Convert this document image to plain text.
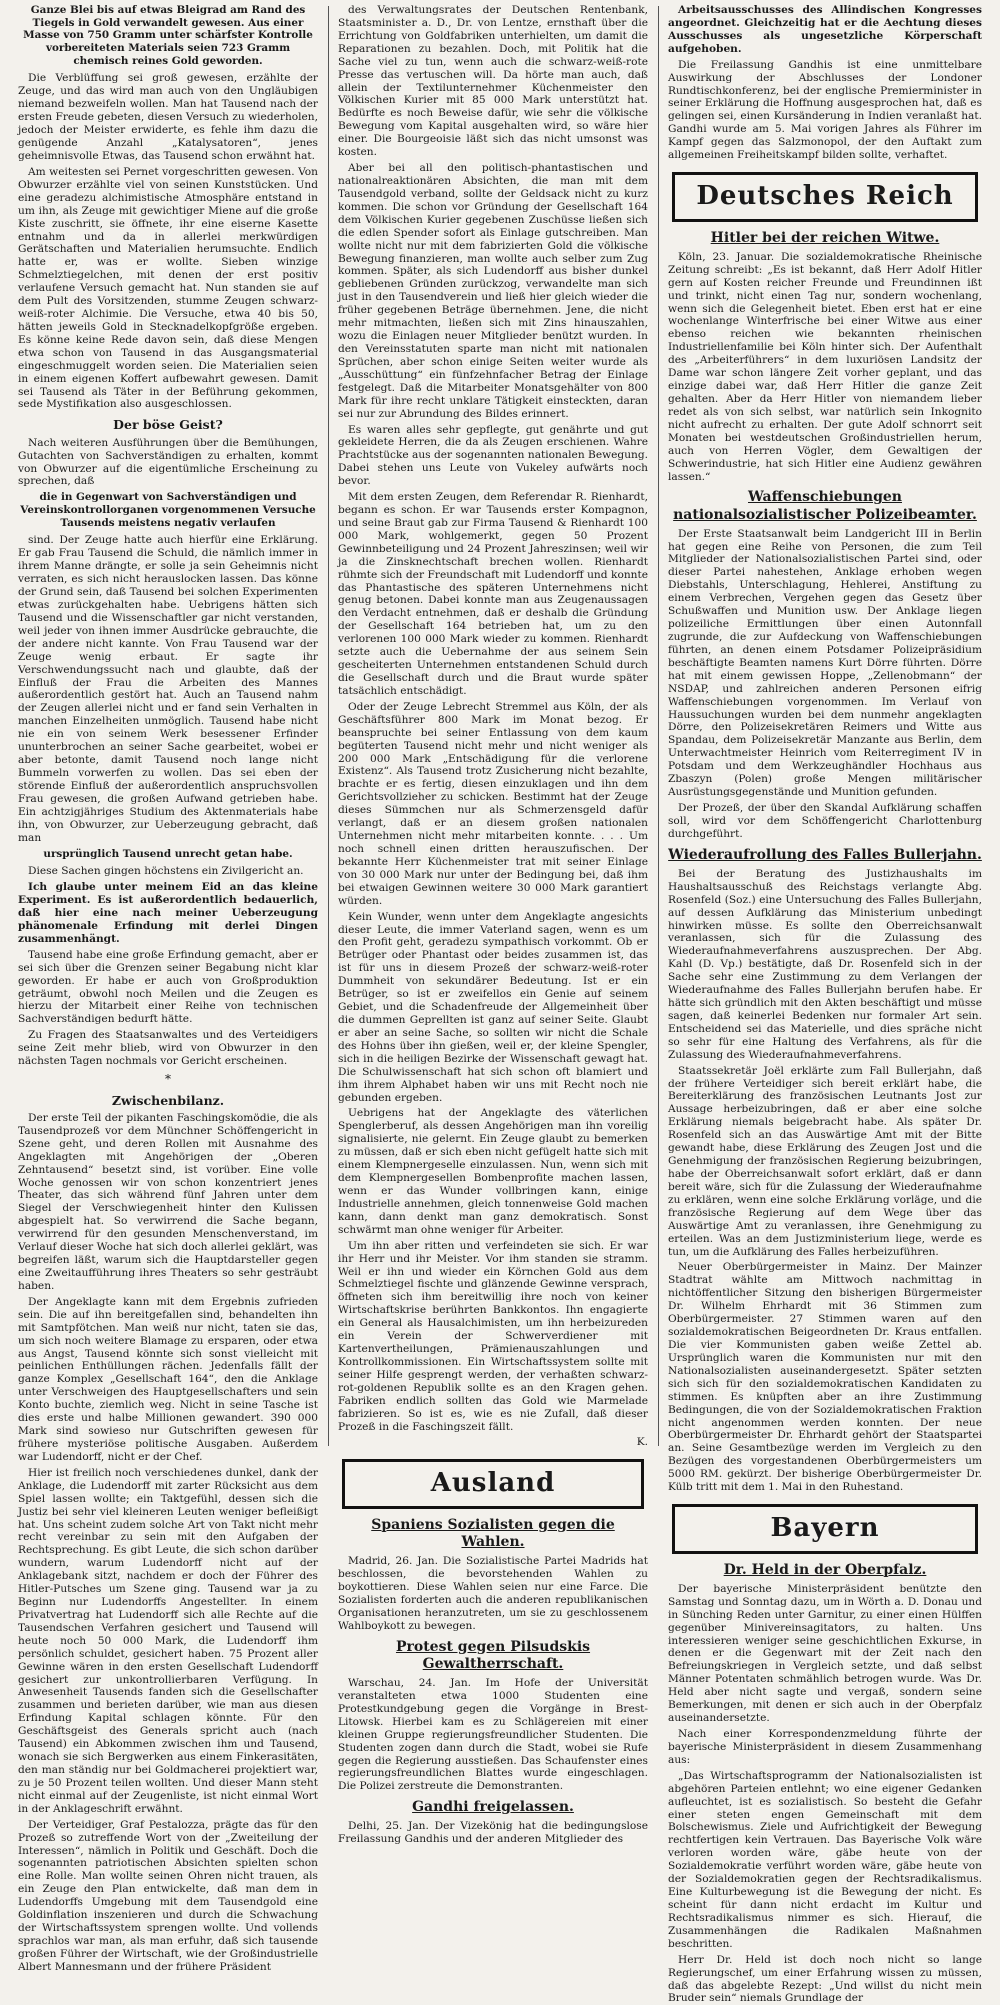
Ganze Blei bis auf etwas Bleigrad am Rand des Tiegels in Gold verwandelt gewesen. Aus einer Masse von 750 Gramm unter schärfster Kontrolle vorbereiteten Materials seien 723 Gramm chemisch reines Gold geworden.

Die Verblüffung sei groß gewesen, erzählte der Zeuge, und das wird man auch von den Ungläubigen niemand bezweifeln wollen. Man hat Tausend nach der ersten Freude gebeten, diesen Versuch zu wiederholen, jedoch der Meister erwiderte, es fehle ihm dazu die genügende Anzahl „Katalysatoren“, jenes geheimnisvolle Etwas, das Tausend schon erwähnt hat.

Am weitesten sei Pernet vorgeschritten gewesen. Von Obwurzer erzählte viel von seinen Kunststücken. Und eine geradezu alchimistische Atmosphäre entstand in um ihn, als Zeuge mit gewichtiger Miene auf die große Kiste zuschritt, sie öffnete, ihr eine eiserne Kasette entnahm und da in allerlei merkwürdigen Gerätschaften und Materialien herumsuchte. Endlich hatte er, was er wollte. Sieben winzige Schmelztiegelchen, mit denen der erst positiv verlaufene Versuch gemacht hat. Nun standen sie auf dem Pult des Vorsitzenden, stumme Zeugen schwarz-weiß-roter Alchimie. Die Versuche, etwa 40 bis 50, hätten jeweils Gold in Stecknadelkopfgröße ergeben. Es könne keine Rede davon sein, daß diese Mengen etwa schon von Tausend in das Ausgangsmaterial eingeschmuggelt worden seien. Die Materialien seien in einem eigenen Koffert aufbewahrt gewesen. Damit sei Tausend als Täter in der Beführung gekommen, sede Mystifikation also ausgeschlossen.

Der böse Geist?

Nach weiteren Ausführungen über die Bemühungen, Gutachten von Sachverständigen zu erhalten, kommt von Obwurzer auf die eigentümliche Erscheinung zu sprechen, daß

die in Gegenwart von Sachverständigen und Vereinskontrollorganen vorgenommenen Versuche Tausends meistens negativ verlaufen

sind. Der Zeuge hatte auch hierfür eine Erklärung. Er gab Frau Tausend die Schuld, die nämlich immer in ihrem Manne drängte, er solle ja sein Geheimnis nicht verraten, es sich nicht herauslocken lassen. Das könne der Grund sein, daß Tausend bei solchen Experimenten etwas zurückgehalten habe. Uebrigens hätten sich Tausend und die Wissenschaftler gar nicht verstanden, weil jeder von ihnen immer Ausdrücke gebrauchte, die der andere nicht kannte. Von Frau Tausend war der Zeuge wenig erbaut. Er sagte ihr Verschwendungssucht nach und glaubte, daß der Einfluß der Frau die Arbeiten des Mannes außerordentlich gestört hat. Auch an Tausend nahm der Zeugen allerlei nicht und er fand sein Verhalten in manchen Einzelheiten unmöglich. Tausend habe nicht nie ein von seinem Werk besessener Erfinder ununterbrochen an seiner Sache gearbeitet, wobei er aber betonte, damit Tausend noch lange nicht Bummeln vorwerfen zu wollen. Das sei eben der störende Einfluß der außerordentlich anspruchsvollen Frau gewesen, die großen Aufwand getrieben habe. Ein achtzigjähriges Studium des Aktenmaterials habe ihn, von Obwurzer, zur Ueberzeugung gebracht, daß man

ursprünglich Tausend unrecht getan habe.

Diese Sachen gingen höchstens ein Zivilgericht an.

Ich glaube unter meinem Eid an das kleine Experiment. Es ist außerordentlich bedauerlich, daß hier eine nach meiner Ueberzeugung phänomenale Erfindung mit derlei Dingen zusammenhängt.

Tausend habe eine große Erfindung gemacht, aber er sei sich über die Grenzen seiner Begabung nicht klar geworden. Er habe er auch von Großproduktion geträumt, obwohl noch Meilen und die Zeugen es hierzu der Mitarbeit einer Reihe von technischen Sachverständigen bedurft hätte.

Zu Fragen des Staatsanwaltes und des Verteidigers seine Zeit mehr blieb, wird von Obwurzer in den nächsten Tagen nochmals vor Gericht erscheinen.

*
Zwischenbilanz.

Der erste Teil der pikanten Faschingskomödie, die als Tausendprozeß vor dem Münchner Schöffengericht in Szene geht, und deren Rollen mit Ausnahme des Angeklagten mit Angehörigen der „Oberen Zehntausend“ besetzt sind, ist vorüber. Eine volle Woche genossen wir von schon konzentriert jenes Theater, das sich während fünf Jahren unter dem Siegel der Verschwiegenheit hinter den Kulissen abgespielt hat. So verwirrend die Sache begann, verwirrend für den gesunden Menschenverstand, im Verlauf dieser Woche hat sich doch allerlei geklärt, was begreifen läßt, warum sich die Hauptdarsteller gegen eine Zweitaufführung ihres Theaters so sehr gesträubt haben.

Der Angeklagte kann mit dem Ergebnis zufrieden sein. Die auf ihn bereitgefallen sind, behandelten ihn mit Samtpfötchen. Man weiß nur nicht, taten sie das, um sich noch weitere Blamage zu ersparen, oder etwa aus Angst, Tausend könnte sich sonst vielleicht mit peinlichen Enthüllungen rächen. Jedenfalls fällt der ganze Komplex „Gesellschaft 164“, den die Anklage unter Verschweigen des Hauptgesellschafters und sein Konto buchte, ziemlich weg. Nicht in seine Tasche ist dies erste und halbe Millionen gewandert. 390 000 Mark sind sowieso nur Gutschriften gewesen für frühere mysteriöse politische Ausgaben. Außerdem war Ludendorff, nicht er der Chef.

Hier ist freilich noch verschiedenes dunkel, dank der Anklage, die Ludendorff mit zarter Rücksicht aus dem Spiel lassen wollte; ein Taktgefühl, dessen sich die Justiz bei sehr viel kleineren Leuten weniger befleißigt hat. Uns scheint zudem solche Art von Takt nicht mehr recht vereinbar zu sein mit den Aufgaben der Rechtsprechung. Es gibt Leute, die sich schon darüber wundern, warum Ludendorff nicht auf der Anklagebank sitzt, nachdem er doch der Führer des Hitler-Putsches um Szene ging. Tausend war ja zu Beginn nur Ludendorffs Angestellter. In einem Privatvertrag hat Ludendorff sich alle Rechte auf die Tausendschen Verfahren gesichert und Tausend will heute noch 50 000 Mark, die Ludendorff ihm persönlich schuldet, gesichert haben. 75 Prozent aller Gewinne wären in den ersten Gesellschaft Ludendorff gesichert zur unkontrollierbaren Verfügung. In Anwesenheit Tausends fanden sich die Gesellschafter zusammen und berieten darüber, wie man aus diesen Erfindung Kapital schlagen könnte. Für den Geschäftsgeist des Generals spricht auch (nach Tausend) ein Abkommen zwischen ihm und Tausend, wonach sie sich Bergwerken aus einem Finkerasitäten, den man ständig nur bei Goldmacherei projektiert war, zu je 50 Prozent teilen wollten. Und dieser Mann steht nicht einmal auf der Zeugenliste, ist nicht einmal Wort in der Anklageschrift erwähnt.

Der Verteidiger, Graf Pestalozza, prägte das für den Prozeß so zutreffende Wort von der „Zweiteilung der Interessen“, nämlich in Politik und Geschäft. Doch die sogenannten patriotischen Absichten spielten schon eine Rolle. Man wollte seinen Ohren nicht trauen, als ein Zeuge den Plan entwickelte, daß man dem in Ludendorffs Umgebung mit dem Tausendgold eine Goldinflation inszenieren und durch die Schwachung der Wirtschaftssystem sprengen wollte. Und vollends sprachlos war man, als man erfuhr, daß sich tausende großen Führer der Wirtschaft, wie der Großindustrielle Albert Mannesmann und der frühere Präsident

des Verwaltungsrates der Deutschen Rentenbank, Staatsminister a. D., Dr. von Lentze, ernsthaft über die Errichtung von Goldfabriken unterhielten, um damit die Reparationen zu bezahlen. Doch, mit Politik hat die Sache viel zu tun, wenn auch die schwarz-weiß-rote Presse das vertuschen will. Da hörte man auch, daß allein der Textilunternehmer Küchenmeister den Völkischen Kurier mit 85 000 Mark unterstützt hat. Bedürfte es noch Beweise dafür, wie sehr die völkische Bewegung vom Kapital ausgehalten wird, so wäre hier einer. Die Bourgeoisie läßt sich das nicht umsonst was kosten.

Aber bei all den politisch-phantastischen und nationalreaktionären Absichten, die man mit dem Tausendgold verband, sollte der Geldsack nicht zu kurz kommen. Die schon vor Gründung der Gesellschaft 164 dem Völkischen Kurier gegebenen Zuschüsse ließen sich die edlen Spender sofort als Einlage gutschreiben. Man wollte nicht nur mit dem fabrizierten Gold die völkische Bewegung finanzieren, man wollte auch selber zum Zug kommen. Später, als sich Ludendorff aus bisher dunkel gebliebenen Gründen zurückzog, verwandelte man sich just in den Tausendverein und ließ hier gleich wieder die früher gegebenen Beträge übernehmen. Jene, die nicht mehr mitmachten, ließen sich mit Zins hinauszahlen, wozu die Einlagen neuer Mitglieder benützt wurden. In den Vereinsstatuten sparte man nicht mit nationalen Sprüchen, aber schon einige Seiten weiter wurde als „Ausschüttung“ ein fünfzehnfacher Betrag der Einlage festgelegt. Daß die Mitarbeiter Monatsgehälter von 800 Mark für ihre recht unklare Tätigkeit einsteckten, daran sei nur zur Abrundung des Bildes erinnert.

Es waren alles sehr gepflegte, gut genährte und gut gekleidete Herren, die da als Zeugen erschienen. Wahre Prachtstücke aus der sogenannten nationalen Bewegung. Dabei stehen uns Leute von Vukeley aufwärts noch bevor.

Mit dem ersten Zeugen, dem Referendar R. Rienhardt, begann es schon. Er war Tausends erster Kompagnon, und seine Braut gab zur Firma Tausend & Rienhardt 100 000 Mark, wohlgemerkt, gegen 50 Prozent Gewinnbeteiligung und 24 Prozent Jahreszinsen; weil wir ja die Zinsknechtschaft brechen wollen. Rienhardt rühmte sich der Freundschaft mit Ludendorff und konnte das Phantastische des späteren Unternehmens nicht genug betonen. Dabei konnte man aus Zeugenaussagen den Verdacht entnehmen, daß er deshalb die Gründung der Gesellschaft 164 betrieben hat, um zu den verlorenen 100 000 Mark wieder zu kommen. Rienhardt setzte auch die Uebernahme der aus seinem Sein gescheiterten Unternehmen entstandenen Schuld durch die Gesellschaft durch und die Braut wurde später tatsächlich entschädigt.

Oder der Zeuge Lebrecht Stremmel aus Köln, der als Geschäftsführer 800 Mark im Monat bezog. Er beanspruchte bei seiner Entlassung von dem kaum begüterten Tausend nicht mehr und nicht weniger als 200 000 Mark „Entschädigung für die verlorene Existenz“. Als Tausend trotz Zusicherung nicht bezahlte, brachte er es fertig, diesen einzuklagen und ihn dem Gerichtsvollzieher zu schicken. Bestimmt hat der Zeuge dieses Sümmchen nur als Schmerzensgeld dafür verlangt, daß er an diesem großen nationalen Unternehmen nicht mehr mitarbeiten konnte. . . . Um noch schnell einen dritten herauszufischen. Der bekannte Herr Küchenmeister trat mit seiner Einlage von 30 000 Mark nur unter der Bedingung bei, daß ihm bei etwaigen Gewinnen weitere 30 000 Mark garantiert würden.

Kein Wunder, wenn unter dem Angeklagte angesichts dieser Leute, die immer Vaterland sagen, wenn es um den Profit geht, geradezu sympathisch vorkommt. Ob er Betrüger oder Phantast oder beides zusammen ist, das ist für uns in diesem Prozeß der schwarz-weiß-roter Dummheit von sekundärer Bedeutung. Ist er ein Betrüger, so ist er zweifellos ein Genie auf seinem Gebiet, und die Schadenfreude der Allgemeinheit über die dummen Geprellten ist ganz auf seiner Seite. Glaubt er aber an seine Sache, so sollten wir nicht die Schale des Hohns über ihn gießen, weil er, der kleine Spengler, sich in die heiligen Bezirke der Wissenschaft gewagt hat. Die Schulwissenschaft hat sich schon oft blamiert und ihm ihrem Alphabet haben wir uns mit Recht noch nie gebunden ergeben.

Uebrigens hat der Angeklagte des väterlichen Spenglerberuf, als dessen Angehörigen man ihn voreilig signalisierte, nie gelernt. Ein Zeuge glaubt zu bemerken zu müssen, daß er sich eben nicht gefügelt hatte sich mit einem Klempnergeselle einzulassen. Nun, wenn sich mit dem Klempnergesellen Bombenprofite machen lassen, wenn er das Wunder vollbringen kann, einige Industrielle annehmen, gleich tonnenweise Gold machen kann, dann denkt man ganz demokratisch. Sonst schwärmt man ohne weniger für Arbeiter.

Um ihn aber ritten und verfeindeten sie sich. Er war ihr Herr und ihr Meister. Vor ihm standen sie stramm. Weil er ihn und wieder ein Körnchen Gold aus dem Schmelztiegel fischte und glänzende Gewinne versprach, öffneten sich ihm bereitwillig ihre noch von keiner Wirtschaftskrise berührten Bankkontos. Ihn engagierte ein General als Hausalchimisten, um ihn herbeizureden ein Verein der Schwerverdiener mit Kartenvertheilungen, Prämienauszahlungen und Kontrollkommissionen. Ein Wirtschaftssystem sollte mit seiner Hilfe gesprengt werden, der verhaßten schwarz-rot-goldenen Republik sollte es an den Kragen gehen. Fabriken endlich sollten das Gold wie Marmelade fabrizieren. So ist es, wie es nie Zufall, daß dieser Prozeß in die Faschingszeit fällt.

K.
Ausland
Spaniens Sozialisten gegen die Wahlen.

Madrid, 26. Jan. Die Sozialistische Partei Madrids hat beschlossen, die bevorstehenden Wahlen zu boykottieren. Diese Wahlen seien nur eine Farce. Die Sozialisten forderten auch die anderen republikanischen Organisationen heranzutreten, um sie zu geschlossenem Wahlboykott zu bewegen.

Protest gegen Pilsudskis Gewaltherrschaft.

Warschau, 24. Jan. Im Hofe der Universität veranstalteten etwa 1000 Studenten eine Protestkundgebung gegen die Vorgänge in Brest-Litowsk. Hierbei kam es zu Schlägereien mit einer kleinen Gruppe regierungsfreundlicher Studenten. Die Studenten zogen dann durch die Stadt, wobei sie Rufe gegen die Regierung ausstießen. Das Schaufenster eines regierungsfreundlichen Blattes wurde eingeschlagen. Die Polizei zerstreute die Demonstranten.

Gandhi freigelassen.

Delhi, 25. Jan. Der Vizekönig hat die bedingungslose Freilassung Gandhis und der anderen Mitglieder des

Arbeitsausschusses des Allindischen Kongresses angeordnet. Gleichzeitig hat er die Aechtung dieses Ausschusses als ungesetzliche Körperschaft aufgehoben.

Die Freilassung Gandhis ist eine unmittelbare Auswirkung der Abschlusses der Londoner Rundtischkonferenz, bei der englische Premierminister in seiner Erklärung die Hoffnung ausgesprochen hat, daß es gelingen sei, einen Kursänderung in Indien veranlaßt hat. Gandhi wurde am 5. Mai vorigen Jahres als Führer im Kampf gegen das Salzmonopol, der den Auftakt zum allgemeinen Freiheitskampf bilden sollte, verhaftet.

Deutsches Reich
Hitler bei der reichen Witwe.

Köln, 23. Januar. Die sozialdemokratische Rheinische Zeitung schreibt: „Es ist bekannt, daß Herr Adolf Hitler gern auf Kosten reicher Freunde und Freundinnen ißt und trinkt, nicht einen Tag nur, sondern wochenlang, wenn sich die Gelegenheit bietet. Eben erst hat er eine wochenlange Winterfrische bei einer Witwe aus einer ebenso reichen wie bekannten rheinischen Industriellenfamilie bei Köln hinter sich. Der Aufenthalt des „Arbeiterführers“ in dem luxuriösen Landsitz der Dame war schon längere Zeit vorher geplant, und das einzige dabei war, daß Herr Hitler die ganze Zeit gehalten. Aber da Herr Hitler von niemandem lieber redet als von sich selbst, war natürlich sein Inkognito nicht aufrecht zu erhalten. Der gute Adolf schnorrt seit Monaten bei westdeutschen Großindustriellen herum, auch von Herren Vögler, dem Gewaltigen der Schwerindustrie, hat sich Hitler eine Audienz gewähren lassen.“

Waffenschiebungen nationalsozialistischer Polizeibeamter.

Der Erste Staatsanwalt beim Landgericht III in Berlin hat gegen eine Reihe von Personen, die zum Teil Mitglieder der Nationalsozialistischen Partei sind, oder dieser Partei nahestehen, Anklage erhoben wegen Diebstahls, Unterschlagung, Hehlerei, Anstiftung zu einem Verbrechen, Vergehen gegen das Gesetz über Schußwaffen und Munition usw. Der Anklage liegen polizeiliche Ermittlungen über einen Autonnfall zugrunde, die zur Aufdeckung von Waffenschiebungen führten, an denen einem Potsdamer Polizeipräsidium beschäftigte Beamten namens Kurt Dörre führten. Dörre hat mit einem gewissen Hoppe, „Zellenobmann“ der NSDAP, und zahlreichen anderen Personen eifrig Waffenschiebungen vorgenommen. Im Verlauf von Haussuchungen wurden bei dem nunmehr angeklagten Dörre, den Polizeisekretären Reimers und Witte aus Spandau, dem Polizeisekretär Manzante aus Berlin, dem Unterwachtmeister Heinrich vom Reiterregiment IV in Potsdam und dem Werkzeughändler Hochhaus aus Zbaszyn (Polen) große Mengen militärischer Ausrüstungsgegenstände und Munition gefunden.

Der Prozeß, der über den Skandal Aufklärung schaffen soll, wird vor dem Schöffengericht Charlottenburg durchgeführt.

Wiederaufrollung des Falles Bullerjahn.

Bei der Beratung des Justizhaushalts im Haushaltsausschuß des Reichstags verlangte Abg. Rosenfeld (Soz.) eine Untersuchung des Falles Bullerjahn, auf dessen Aufklärung das Ministerium unbedingt hinwirken müsse. Es sollte den Oberreichsanwalt veranlassen, sich für die Zulassung des Wiederaufnahmeverfahrens auszusprechen. Der Abg. Kahl (D. Vp.) bestätigte, daß Dr. Rosenfeld sich in der Sache sehr eine Zustimmung zu dem Verlangen der Wiederaufnahme des Falles Bullerjahn berufen habe. Er hätte sich gründlich mit den Akten beschäftigt und müsse sagen, daß keinerlei Bedenken nur formaler Art sein. Entscheidend sei das Materielle, und dies spräche nicht so sehr für eine Haltung des Verfahrens, als für die Zulassung des Wiederaufnahmeverfahrens.

Staatssekretär Joël erklärte zum Fall Bullerjahn, daß der frühere Verteidiger sich bereit erklärt habe, die Bereiterklärung des französischen Leutnants Jost zur Aussage herbeizubringen, daß er aber eine solche Erklärung niemals beigebracht habe. Als später Dr. Rosenfeld sich an das Auswärtige Amt mit der Bitte gewandt habe, diese Erklärung des Zeugen Jost und die Genehmigung der französischen Regierung beizubringen, habe der Oberreichsanwalt sofort erklärt, daß er dann bereit wäre, sich für die Zulassung der Wiederaufnahme zu erklären, wenn eine solche Erklärung vorläge, und die französische Regierung auf dem Wege über das Auswärtige Amt zu veranlassen, ihre Genehmigung zu erteilen. Was an dem Justizministerium liege, werde es tun, um die Aufklärung des Falles herbeizuführen.

Neuer Oberbürgermeister in Mainz. Der Mainzer Stadtrat wählte am Mittwoch nachmittag in nichtöffentlicher Sitzung den bisherigen Bürgermeister Dr. Wilhelm Ehrhardt mit 36 Stimmen zum Oberbürgermeister. 27 Stimmen waren auf den sozialdemokratischen Beigeordneten Dr. Kraus entfallen. Die vier Kommunisten gaben weiße Zettel ab. Ursprünglich waren die Kommunisten nur mit den Nationalsozialisten auseinandergesetzt. Später setzten sich sich für den sozialdemokratischen Kandidaten zu stimmen. Es knüpften aber an ihre Zustimmung Bedingungen, die von der Sozialdemokratischen Fraktion nicht angenommen werden konnten. Der neue Oberbürgermeister Dr. Ehrhardt gehört der Staatspartei an. Seine Gesamtbezüge werden im Vergleich zu den Bezügen des vorgestandenen Oberbürgermeisters um 5000 RM. gekürzt. Der bisherige Oberbürgermeister Dr. Külb tritt mit dem 1. Mai in den Ruhestand.

Bayern
Dr. Held in der Oberpfalz.

Der bayerische Ministerpräsident benützte den Samstag und Sonntag dazu, um in Wörth a. D. Donau und in Sünching Reden unter Garnitur, zu einer einen Hülffen gegenüber Minivereinsagitators, zu halten. Uns interessieren weniger seine geschichtlichen Exkurse, in denen er die Gegenwart mit der Zeit nach den Befreiungskriegen in Vergleich setzte, und daß selbst Männer Potentaten schmählich betrogen wurde. Was Dr. Held aber nicht sagte und vergaß, sondern seine Bemerkungen, mit denen er sich auch in der Oberpfalz auseinandersetzte.

Nach einer Korrespondenzmeldung führte der bayerische Ministerpräsident in diesem Zusammenhang aus:

„Das Wirtschaftsprogramm der Nationalsozialisten ist abgehören Parteien entlehnt; wo eine eigener Gedanken aufleuchtet, ist es sozialistisch. So besteht die Gefahr einer steten engen Gemeinschaft mit dem Bolschewismus. Ziele und Aufrichtigkeit der Bewegung rechtfertigen kein Vertrauen. Das Bayerische Volk wäre verloren worden wäre, gäbe heute von der Sozialdemokratie verführt worden wäre, gäbe heute von der Sozialdemokratien gegen der Rechtsradikalismus. Eine Kulturbewegung ist die Bewegung der nicht. Es scheint für dann nicht erdacht im Kultur und Rechtsradikalismus nimmer es sich. Hierauf, die Zusammenhängen die Radikalen Maßnahmen beschritten.

Herr Dr. Held ist doch noch nicht so lange Regierungschef, um einer Erfahrung wissen zu müssen, daß das abgelebte Rezept: „Und willst du nicht mein Bruder sein“ niemals Grundlage der
